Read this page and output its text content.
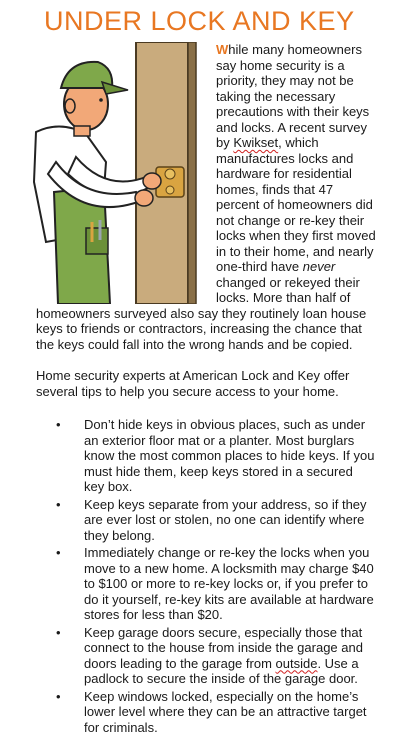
UNDER LOCK AND KEY

While many homeowners say home security is a priority, they may not be taking the necessary precautions with their keys and locks. A recent survey by Kwikset, which manufactures locks and hardware for residential homes, finds that 47 percent of homeowners did not change or re-key their locks when they first moved in to their home, and nearly one-third have never changed or rekeyed their locks. More than half of homeowners surveyed also say they routinely loan house keys to friends or contractors, increasing the chance that the keys could fall into the wrong hands and be copied.

Home security experts at American Lock and Key offer several tips to help you secure access to your home.

• Don’t hide keys in obvious places, such as under an exterior floor mat or a planter. Most burglars know the most common places to hide keys. If you must hide them, keep keys stored in a secured key box.
• Keep keys separate from your address, so if they are ever lost or stolen, no one can identify where they belong.
• Immediately change or re-key the locks when you move to a new home. A locksmith may charge $40 to $100 or more to re-key locks or, if you prefer to do it yourself, re-key kits are available at hardware stores for less than $20.
• Keep garage doors secure, especially those that connect to the house from inside the garage and doors leading to the garage from outside. Use a padlock to secure the inside of the garage door.
• Keep windows locked, especially on the home’s lower level where they can be an attractive target for criminals.
